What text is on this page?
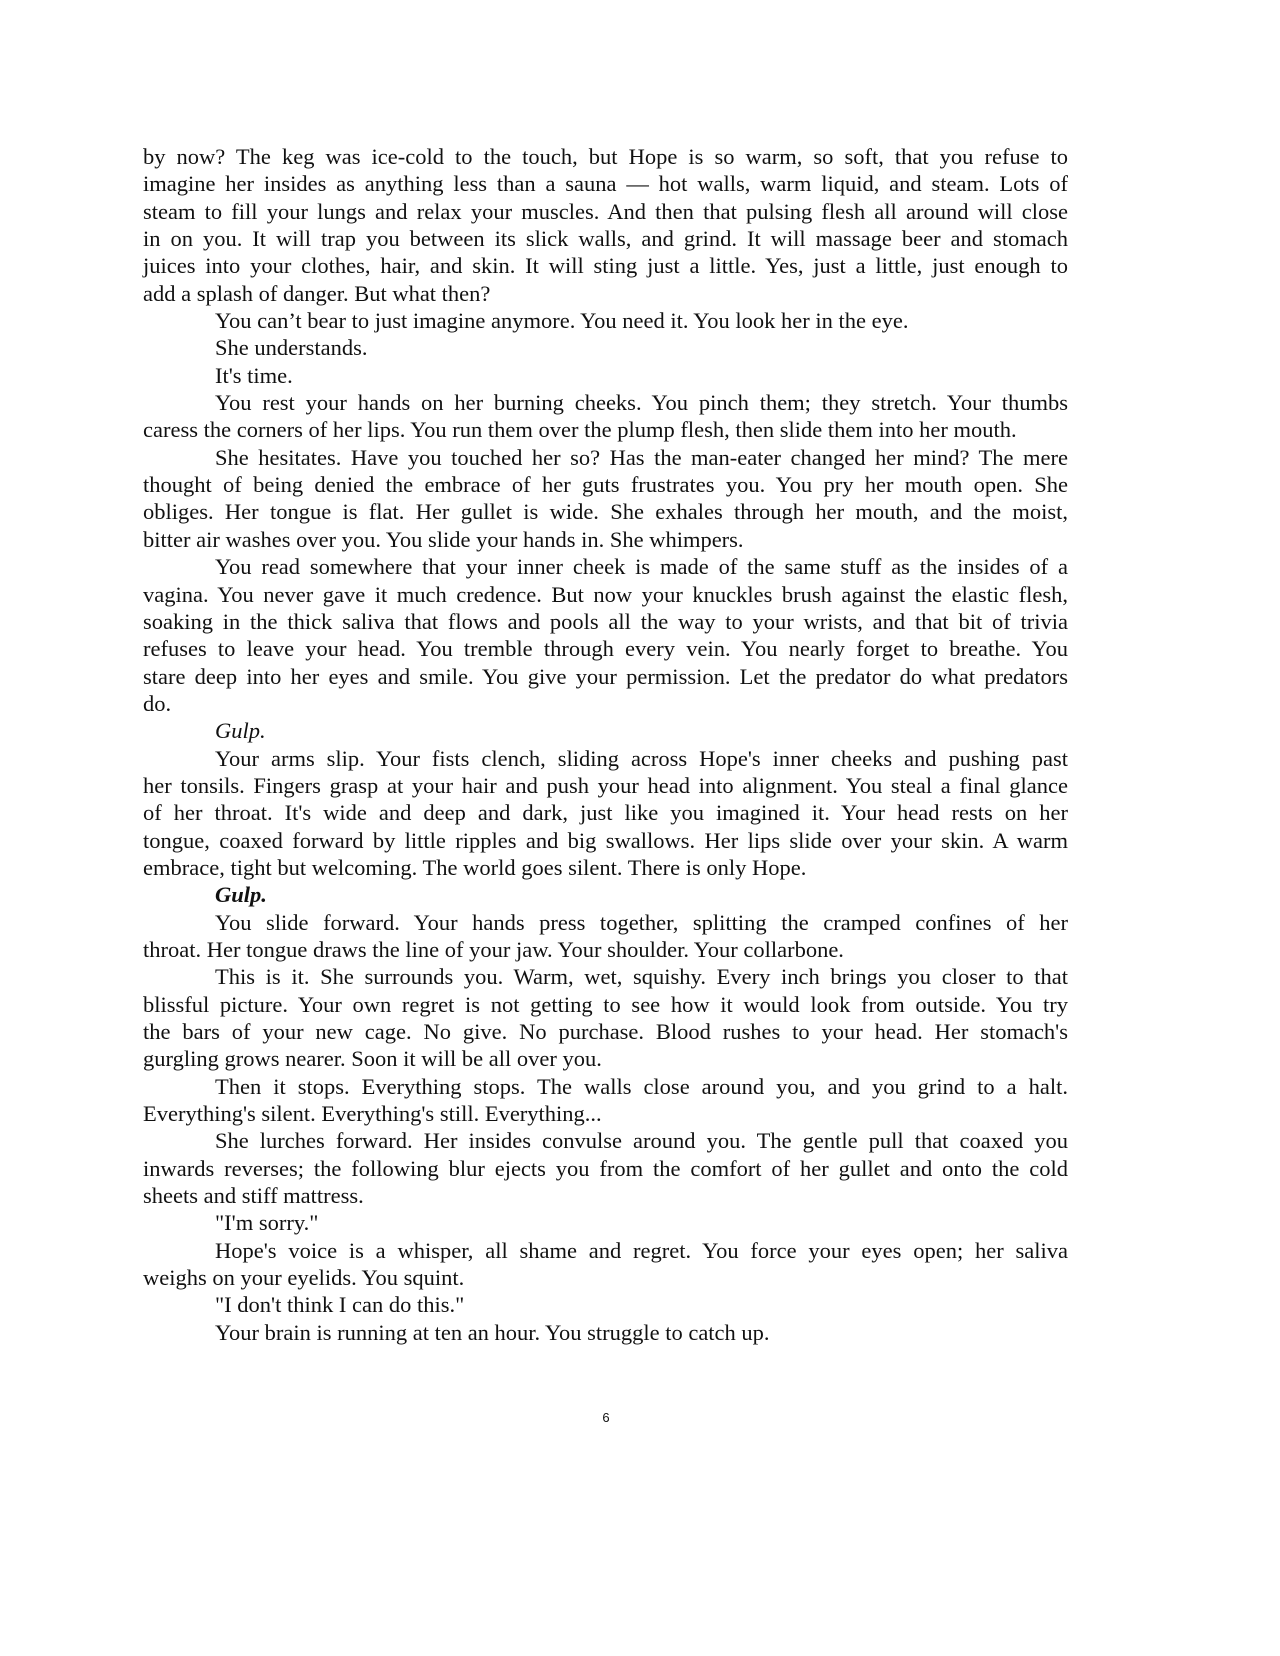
by now? The keg was ice-cold to the touch, but Hope is so warm, so soft, that you refuse to
imagine her insides as anything less than a sauna — hot walls, warm liquid, and steam. Lots of
steam to fill your lungs and relax your muscles. And then that pulsing flesh all around will close
in on you. It will trap you between its slick walls, and grind. It will massage beer and stomach
juices into your clothes, hair, and skin. It will sting just a little. Yes, just a little, just enough to
add a splash of danger. But what then?
You can’t bear to just imagine anymore. You need it. You look her in the eye.
She understands.
It's time.
You rest your hands on her burning cheeks. You pinch them; they stretch. Your thumbs
caress the corners of her lips. You run them over the plump flesh, then slide them into her mouth.
She hesitates. Have you touched her so? Has the man-eater changed her mind? The mere
thought of being denied the embrace of her guts frustrates you. You pry her mouth open. She
obliges. Her tongue is flat. Her gullet is wide. She exhales through her mouth, and the moist,
bitter air washes over you. You slide your hands in. She whimpers.
You read somewhere that your inner cheek is made of the same stuff as the insides of a
vagina. You never gave it much credence. But now your knuckles brush against the elastic flesh,
soaking in the thick saliva that flows and pools all the way to your wrists, and that bit of trivia
refuses to leave your head. You tremble through every vein. You nearly forget to breathe. You
stare deep into her eyes and smile. You give your permission. Let the predator do what predators
do.
Gulp.
Your arms slip. Your fists clench, sliding across Hope's inner cheeks and pushing past
her tonsils. Fingers grasp at your hair and push your head into alignment. You steal a final glance
of her throat. It's wide and deep and dark, just like you imagined it. Your head rests on her
tongue, coaxed forward by little ripples and big swallows. Her lips slide over your skin. A warm
embrace, tight but welcoming. The world goes silent. There is only Hope.
Gulp.
You slide forward. Your hands press together, splitting the cramped confines of her
throat. Her tongue draws the line of your jaw. Your shoulder. Your collarbone.
This is it. She surrounds you. Warm, wet, squishy. Every inch brings you closer to that
blissful picture. Your own regret is not getting to see how it would look from outside. You try
the bars of your new cage. No give. No purchase. Blood rushes to your head. Her stomach's
gurgling grows nearer. Soon it will be all over you.
Then it stops. Everything stops. The walls close around you, and you grind to a halt.
Everything's silent. Everything's still. Everything...
She lurches forward. Her insides convulse around you. The gentle pull that coaxed you
inwards reverses; the following blur ejects you from the comfort of her gullet and onto the cold
sheets and stiff mattress.
"I'm sorry."
Hope's voice is a whisper, all shame and regret. You force your eyes open; her saliva
weighs on your eyelids. You squint.
"I don't think I can do this."
Your brain is running at ten an hour. You struggle to catch up.
6
